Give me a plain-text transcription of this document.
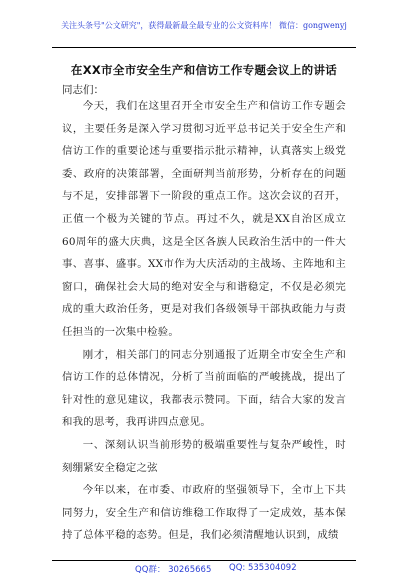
关注头条号"公文研究"，获得最新最全最专业的公文资料库！ 微信：gongwenyj
在XX市全市安全生产和信访工作专题会议上的讲话
同志们：

今天，我们在这里召开全市安全生产和信访工作专题会议，主要任务是深入学习贯彻习近平总书记关于安全生产和信访工作的重要论述与重要指示批示精神，认真落实上级党委、政府的决策部署，全面研判当前形势，分析存在的问题与不足，安排部署下一阶段的重点工作。这次会议的召开，正值一个极为关键的节点。再过不久，就是XX自治区成立60周年的盛大庆典，这是全区各族人民政治生活中的一件大事、喜事、盛事。XX市作为大庆活动的主战场、主阵地和主窗口，确保社会大局的绝对安全与和谐稳定，不仅是必须完成的重大政治任务，更是对我们各级领导干部执政能力与责任担当的一次集中检验。

刚才，相关部门的同志分别通报了近期全市安全生产和信访工作的总体情况，分析了当前面临的严峻挑战，提出了针对性的意见建议，我都表示赞同。下面，结合大家的发言和我的思考，我再讲四点意见。

一、深刻认识当前形势的极端重要性与复杂严峻性，时刻绷紧安全稳定之弦

今年以来，在市委、市政府的坚强领导下，全市上下共同努力，安全生产和信访维稳工作取得了一定成效，基本保持了总体平稳的态势。但是，我们必须清醒地认识到，成绩

QQ群： 30265665 QQ: 535304092
